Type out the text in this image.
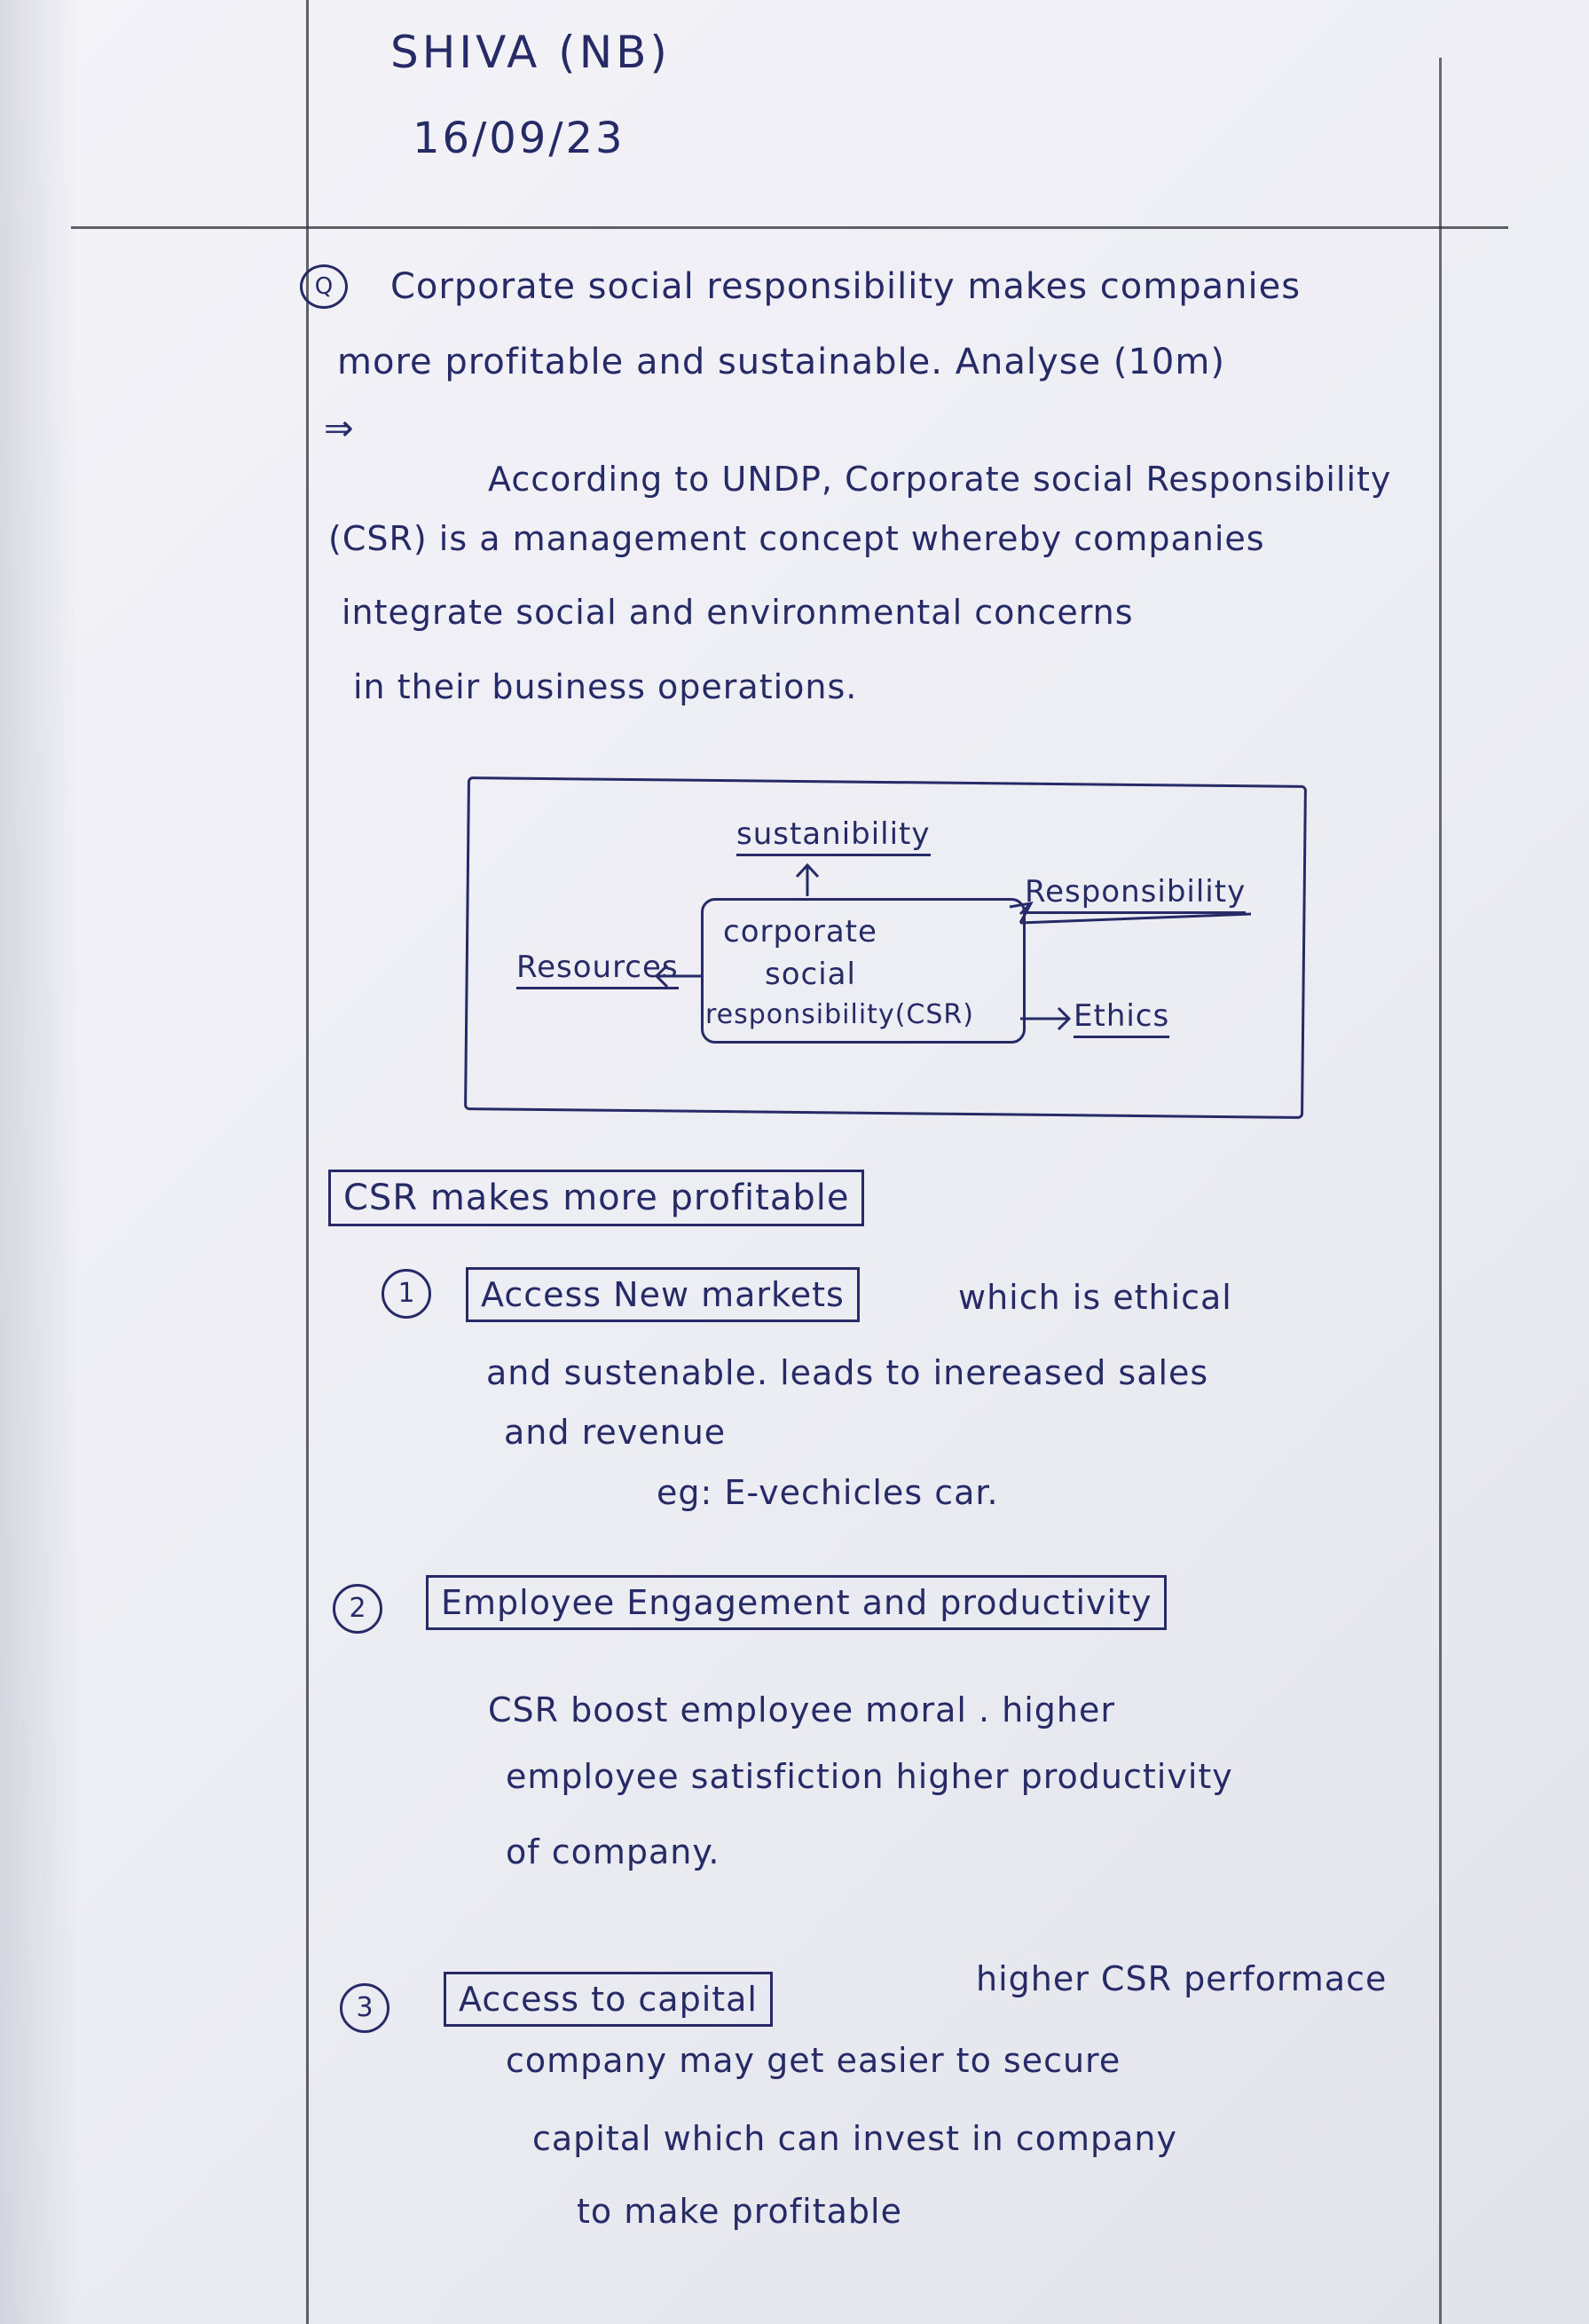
SHIVA (NB)
16/09/23
Q	Corporate social responsibility makes companies
more profitable and sustainable. Analyse (10m)
⇒
According to UNDP, Corporate social Responsibility
(CSR) is a management concept whereby companies
integrate social and environmental concerns
in their business operations.
sustanibility
Responsibility
Resources
Ethics
corporate
social
responsibility(CSR)
CSR makes more profitable
1	Access New markets	which is ethical
and sustenable. leads to inereased sales
and revenue
eg: E-vechicles car.
2	Employee Engagement and productivity
CSR boost employee moral . higher
employee satisfiction higher productivity
of company.
3	Access to capital
higher CSR performace
company may get easier to secure
capital which can invest in company
to make profitable
